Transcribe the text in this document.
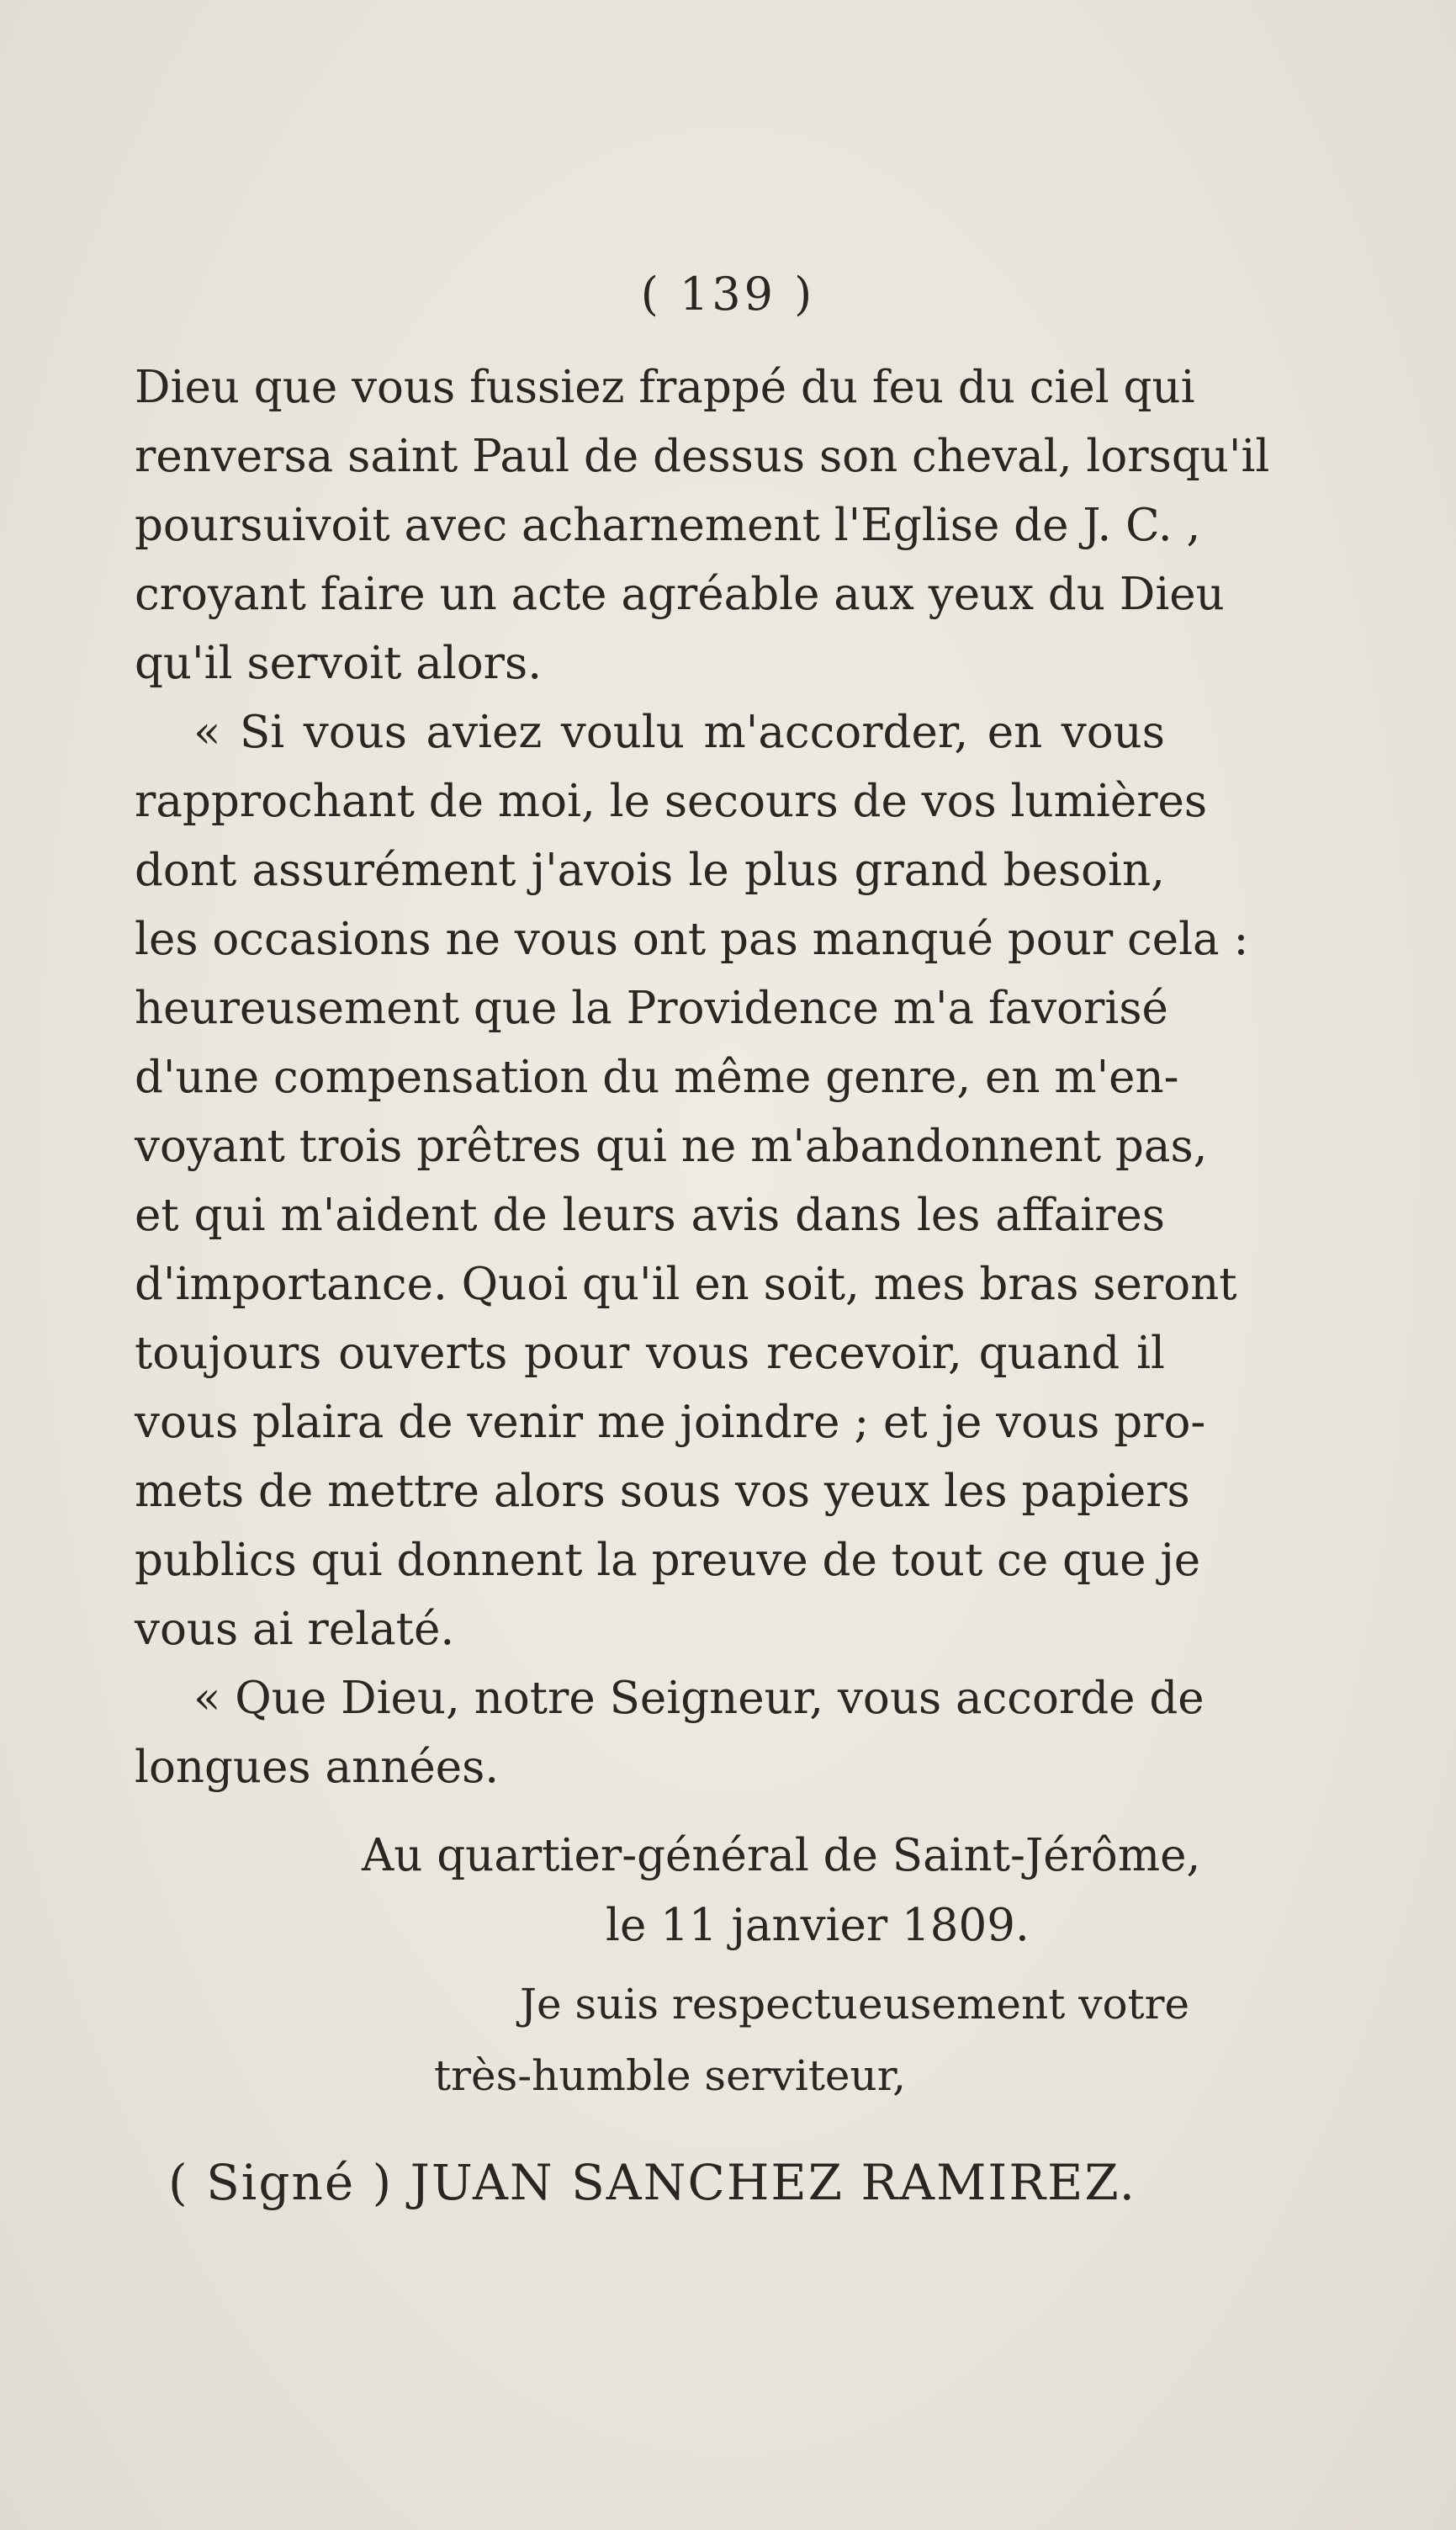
( 139 )
Dieu que vous fussiez frappé du feu du ciel qui
renversa saint Paul de dessus son cheval, lorsqu'il
poursuivoit avec acharnement l'Eglise de J. C. ,
croyant faire un acte agréable aux yeux du Dieu
qu'il servoit alors.
« Si vous aviez voulu m'accorder, en vous
rapprochant de moi, le secours de vos lumières
dont assurément j'avois le plus grand besoin,
les occasions ne vous ont pas manqué pour cela :
heureusement que la Providence m'a favorisé
d'une compensation du même genre, en m'en-
voyant trois prêtres qui ne m'abandonnent pas,
et qui m'aident de leurs avis dans les affaires
d'importance. Quoi qu'il en soit, mes bras seront
toujours ouverts pour vous recevoir, quand il
vous plaira de venir me joindre ; et je vous pro-
mets de mettre alors sous vos yeux les papiers
publics qui donnent la preuve de tout ce que je
vous ai relaté.
« Que Dieu, notre Seigneur, vous accorde de
longues années.
Au quartier-général de Saint-Jérôme,
le 11 janvier 1809.
Je suis respectueusement votre
très-humble serviteur,
( Signé ) JUAN SANCHEZ RAMIREZ.
